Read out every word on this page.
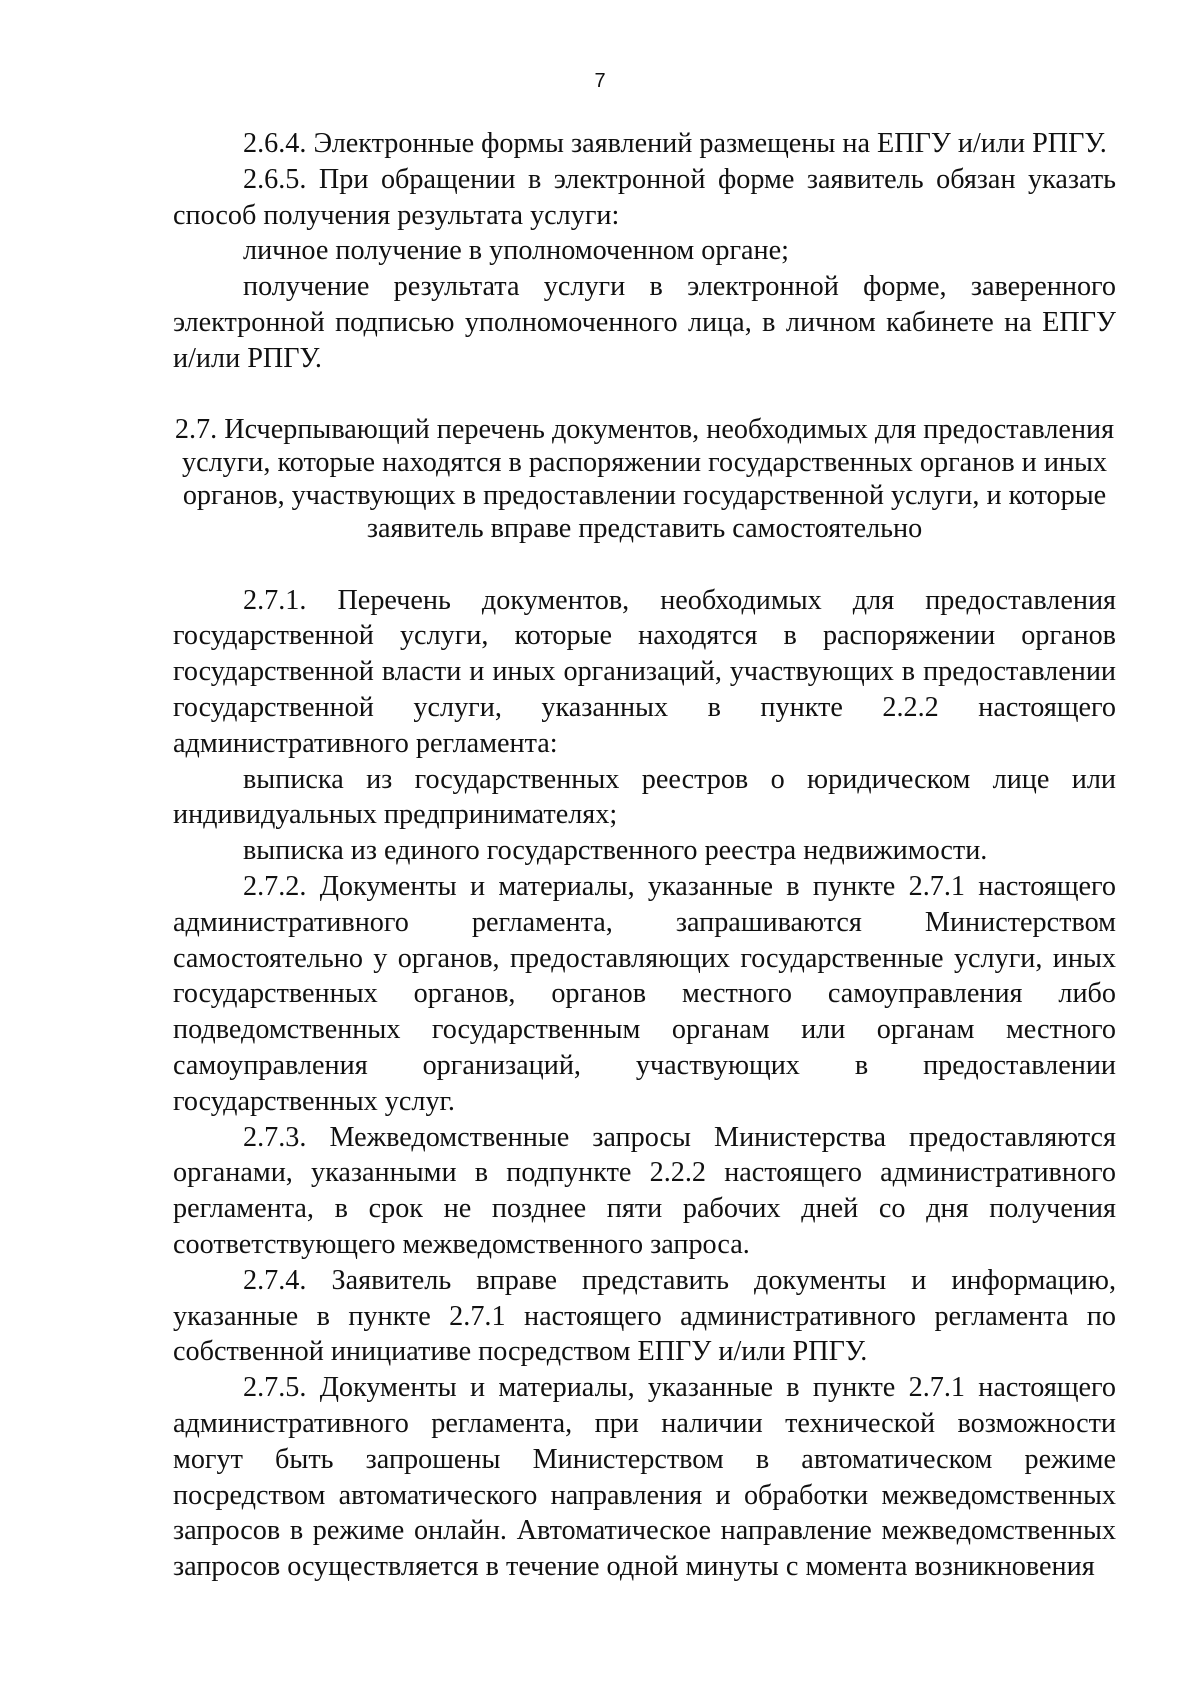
7

2.6.4. Электронные формы заявлений размещены на ЕПГУ и/или РПГУ.

2.6.5. При обращении в электронной форме заявитель обязан указать способ получения результата услуги:

личное получение в уполномоченном органе;

получение результата услуги в электронной форме, заверенного электронной подписью уполномоченного лица, в личном кабинете на ЕПГУ и/или РПГУ.

2.7. Исчерпывающий перечень документов, необходимых для предоставления услуги, которые находятся в распоряжении государственных органов и иных органов, участвующих в предоставлении государственной услуги, и которые заявитель вправе представить самостоятельно

2.7.1. Перечень документов, необходимых для предоставления государственной услуги, которые находятся в распоряжении органов государственной власти и иных организаций, участвующих в предоставлении государственной услуги, указанных в пункте 2.2.2 настоящего административного регламента:

выписка из государственных реестров о юридическом лице или индивидуальных предпринимателях;

выписка из единого государственного реестра недвижимости.

2.7.2. Документы и материалы, указанные в пункте 2.7.1 настоящего административного регламента, запрашиваются Министерством самостоятельно у органов, предоставляющих государственные услуги, иных государственных органов, органов местного самоуправления либо подведомственных государственным органам или органам местного самоуправления организаций, участвующих в предоставлении государственных услуг.

2.7.3. Межведомственные запросы Министерства предоставляются органами, указанными в подпункте 2.2.2 настоящего административного регламента, в срок не позднее пяти рабочих дней со дня получения соответствующего межведомственного запроса.

2.7.4. Заявитель вправе представить документы и информацию, указанные в пункте 2.7.1 настоящего административного регламента по собственной инициативе посредством ЕПГУ и/или РПГУ.

2.7.5. Документы и материалы, указанные в пункте 2.7.1 настоящего административного регламента, при наличии технической возможности могут быть запрошены Министерством в автоматическом режиме посредством автоматического направления и обработки межведомственных запросов в режиме онлайн. Автоматическое направление межведомственных запросов осуществляется в течение одной минуты с момента возникновения
